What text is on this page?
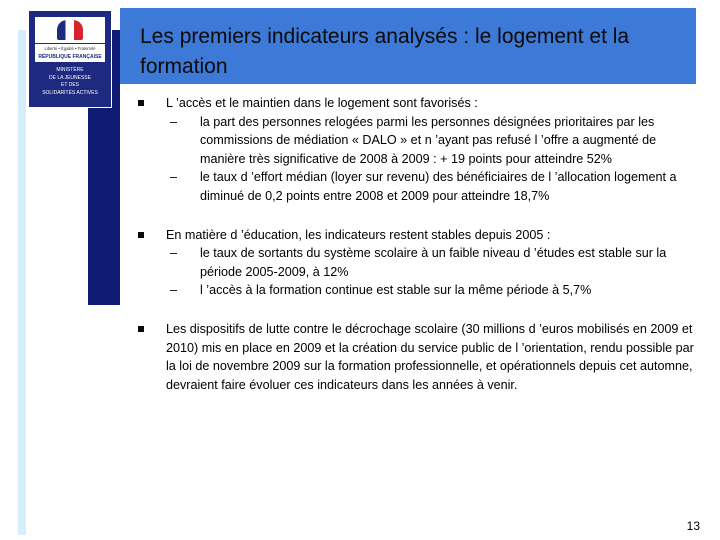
Liberté • Égalité • Fraternité
RÉPUBLIQUE FRANÇAISE
MINISTÈRE
DE LA JEUNESSE
ET DES
SOLIDARITÉS ACTIVES
Les premiers indicateurs analysés : le logement et la formation
L ’accès et le maintien dans le logement sont favorisés :
– la part des personnes relogées parmi les personnes désignées prioritaires par les commissions de médiation « DALO » et n ’ayant pas refusé l ’offre a augmenté de manière très significative de 2008 à 2009 : + 19 points pour atteindre 52%
– le taux d ’effort médian (loyer sur revenu) des bénéficiaires de l ’allocation logement a diminué de 0,2 points entre 2008 et 2009 pour atteindre 18,7%
En matière d ’éducation, les indicateurs restent stables depuis 2005 :
– le taux de sortants du système scolaire à un faible niveau d ’études est stable sur la période 2005-2009, à 12%
– l ’accès à la formation continue est stable sur la même période à 5,7%
Les dispositifs de lutte contre le décrochage scolaire (30 millions d ’euros mobilisés en 2009 et 2010) mis en place en 2009 et la création du service public de l ’orientation, rendu possible par la loi de novembre 2009 sur la formation professionnelle, et opérationnels depuis cet automne, devraient faire évoluer ces indicateurs dans les années à venir.
13
